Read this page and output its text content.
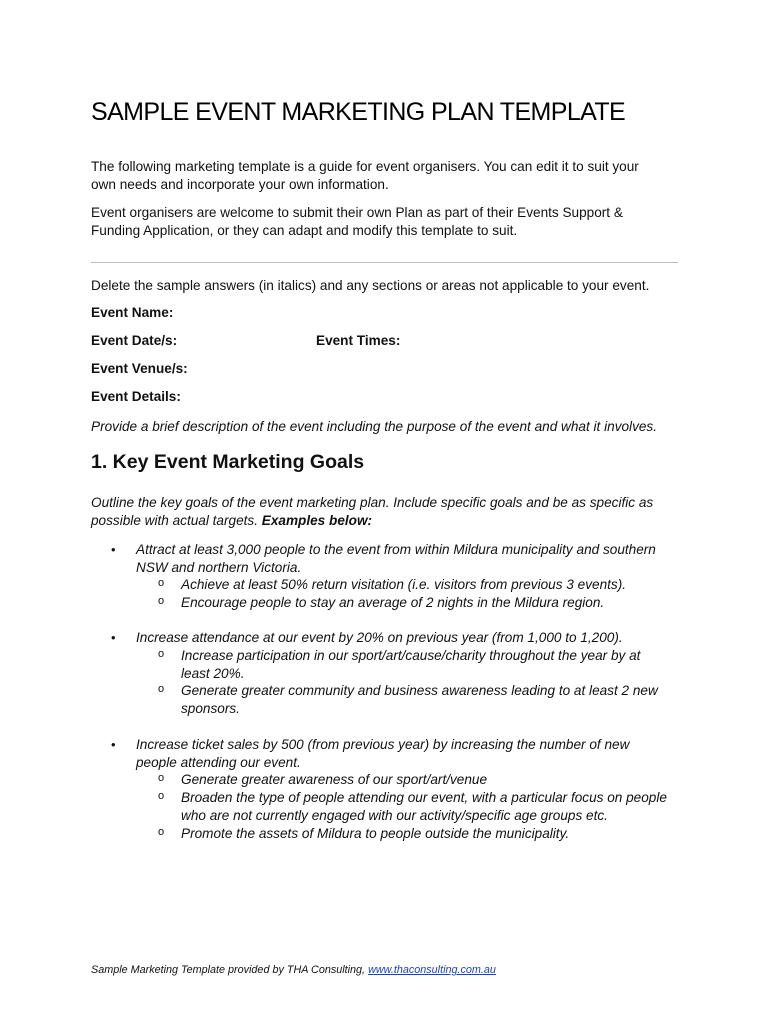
SAMPLE EVENT MARKETING PLAN TEMPLATE

The following marketing template is a guide for event organisers. You can edit it to suit your
own needs and incorporate your own information.

Event organisers are welcome to submit their own Plan as part of their Events Support &
Funding Application, or they can adapt and modify this template to suit.

Delete the sample answers (in italics) and any sections or areas not applicable to your event.

Event Name:

Event Date/s:	Event Times:

Event Venue/s:

Event Details:

Provide a brief description of the event including the purpose of the event and what it involves.

1. Key Event Marketing Goals

Outline the key goals of the event marketing plan. Include specific goals and be as specific as
possible with actual targets. Examples below:

• Attract at least 3,000 people to the event from within Mildura municipality and southern
NSW and northern Victoria.

o Achieve at least 50% return visitation (i.e. visitors from previous 3 events).

o Encourage people to stay an average of 2 nights in the Mildura region.

• Increase attendance at our event by 20% on previous year (from 1,000 to 1,200).

o Increase participation in our sport/art/cause/charity throughout the year by at
least 20%.

o Generate greater community and business awareness leading to at least 2 new
sponsors.

• Increase ticket sales by 500 (from previous year) by increasing the number of new
people attending our event.

o Generate greater awareness of our sport/art/venue

o Broaden the type of people attending our event, with a particular focus on people
who are not currently engaged with our activity/specific age groups etc.

o Promote the assets of Mildura to people outside the municipality.

Sample Marketing Template provided by THA Consulting, www.thaconsulting.com.au
